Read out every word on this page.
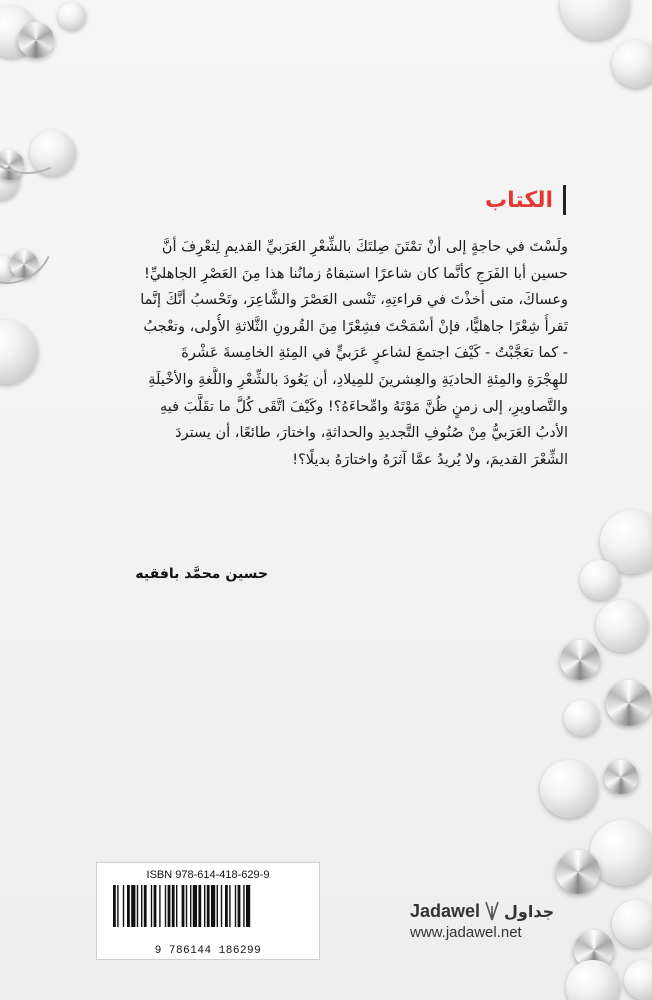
الكتاب
ولَسْتَ في حاجةٍ إلى أنْ تمْتَنَ صِلتَكَ بالشِّعْرِ العَرَبيِّ القديمِ لِتعْرِفَ أنَّ
حسين أبا الفَرَجِ كأنَّما كان شاعرًا استبقاهُ زمانُنا هذا مِنَ العَصْرِ الجاهليِّ!
وعساكَ، متى أخذْتَ في قراءتِهِ، تَنْسى العَصْرَ والشَّاعِرَ، وتَحْسبُ أنَّكَ إنَّما
تَقرأُ شِعْرًا جاهليًّا، فإنْ أسْمَحْتَ فشِعْرًا مِنَ القُرونِ الثَّلاثةِ الأُولى، وتعْجبُ
- كما تعَجَّبْتُ - كَيْفَ اجتمعَ لشاعرٍ عَرَبيٍّ في المِئةِ الخامِسةَ عَشْرةَ
للهِجْرَةِ والمِئةِ الحاديَةِ والعِشرينَ للمِيلادِ، أن يَعُودَ بالشِّعْرِ واللُّغةِ والأخْيلَةِ
والتَّصاويرِ، إلى زمنٍ ظُنَّ مَوْتَهُ وامِّحاءَهُ؟! وكَيْفَ اتَّقَى كُلَّ ما تقَلَّبَ فيهِ
الأدبُ العَرَبيُّ مِنْ صُنُوفِ التَّجديدِ والحداثةِ، واختارَ، طائعًا، أن يستردَ
الشِّعْرَ القديمَ، ولا يُريدُ عمَّا آثرَهُ واختارَهُ بديلًا؟!
حسين محمَّد بافقيه
ISBN 978-614-418-629-9
9 786144 186299
Jadawel جداول
www.jadawel.net
